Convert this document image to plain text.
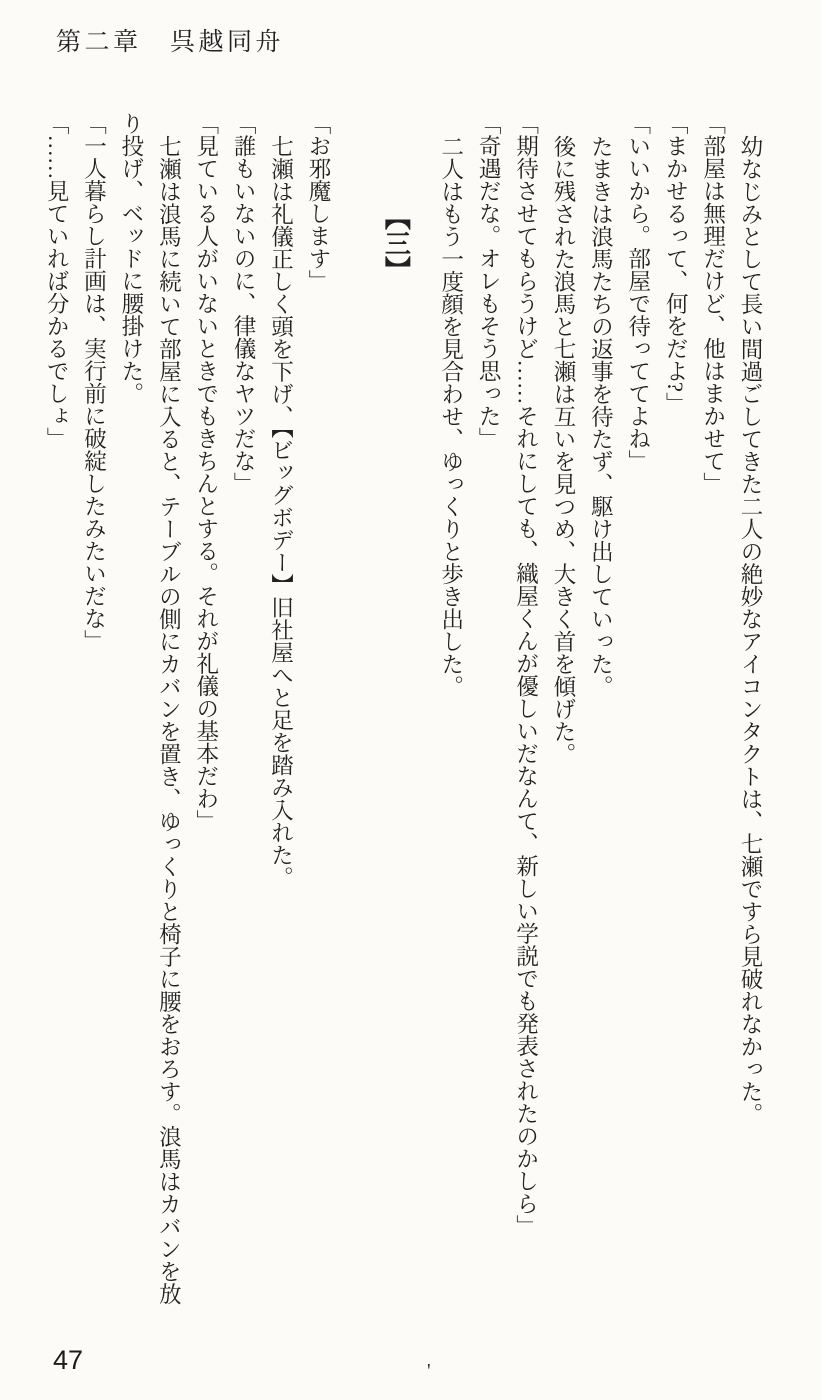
第二章　呉越同舟

幼なじみとして長い間過ごしてきた二人の絶妙なアイコンタクトは、七瀬ですら見破れなかった。

「部屋は無理だけど、他はまかせて」

「まかせるって、何をだよ?」

「いいから。部屋で待っててよね」

たまきは浪馬たちの返事を待たず、駆け出していった。

後に残された浪馬と七瀬は互いを見つめ、大きく首を傾げた。

「期待させてもらうけど……それにしても、織屋くんが優しいだなんて、新しい学説でも発表されたのかしら」

「奇遇だな。オレもそう思った」

二人はもう一度顔を見合わせ、ゆっくりと歩き出した。

【三】

「お邪魔します」

七瀬は礼儀正しく頭を下げ、【ビッグボデー】旧社屋へと足を踏み入れた。

「誰もいないのに、律儀なヤツだな」

「見ている人がいないときでもきちんとする。それが礼儀の基本だわ」

七瀬は浪馬に続いて部屋に入ると、テーブルの側にカバンを置き、ゆっくりと椅子に腰をおろす。浪馬はカバンを放り投げ、ベッドに腰掛けた。

「一人暮らし計画は、実行前に破綻したみたいだな」

「……見ていれば分かるでしょ」

'
47
